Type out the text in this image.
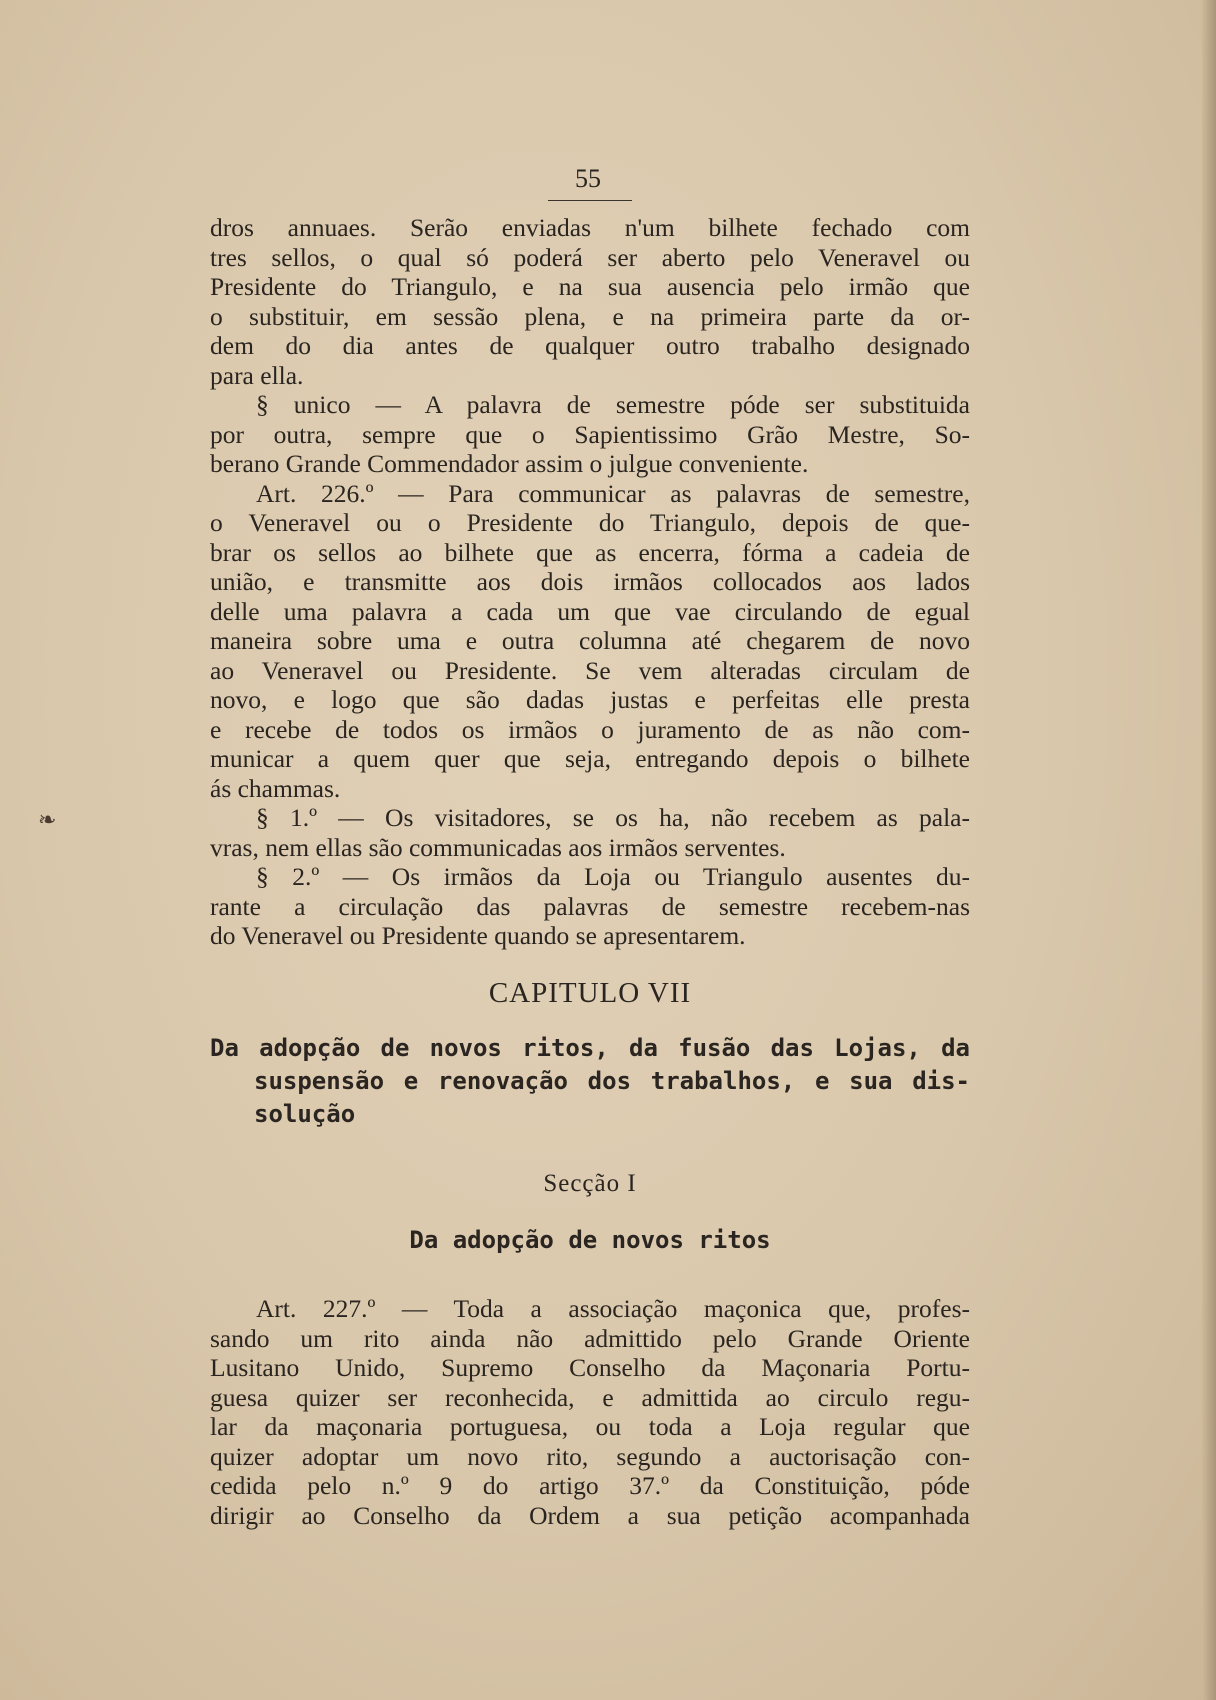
❧
55
dros annuaes. Serão enviadas n'um bilhete fechado com
tres sellos, o qual só poderá ser aberto pelo Veneravel ou
Presidente do Triangulo, e na sua ausencia pelo irmão que
o substituir, em sessão plena, e na primeira parte da or-
dem do dia antes de qualquer outro trabalho designado
para ella.
§ unico — A palavra de semestre póde ser substituida
por outra, sempre que o Sapientissimo Grão Mestre, So-
berano Grande Commendador assim o julgue conveniente.
Art. 226.º — Para communicar as palavras de semestre,
o Veneravel ou o Presidente do Triangulo, depois de que-
brar os sellos ao bilhete que as encerra, fórma a cadeia de
união, e transmitte aos dois irmãos collocados aos lados
delle uma palavra a cada um que vae circulando de egual
maneira sobre uma e outra columna até chegarem de novo
ao Veneravel ou Presidente. Se vem alteradas circulam de
novo, e logo que são dadas justas e perfeitas elle presta
e recebe de todos os irmãos o juramento de as não com-
municar a quem quer que seja, entregando depois o bilhete
ás chammas.
§ 1.º — Os visitadores, se os ha, não recebem as pala-
vras, nem ellas são communicadas aos irmãos serventes.
§ 2.º — Os irmãos da Loja ou Triangulo ausentes du-
rante a circulação das palavras de semestre recebem-nas
do Veneravel ou Presidente quando se apresentarem.
CAPITULO VII
Da adopção de novos ritos, da fusão das Lojas, da
suspensão e renovação dos trabalhos, e sua dis-
solução
Secção I
Da adopção de novos ritos
Art. 227.º — Toda a associação maçonica que, profes-
sando um rito ainda não admittido pelo Grande Oriente
Lusitano Unido, Supremo Conselho da Maçonaria Portu-
guesa quizer ser reconhecida, e admittida ao circulo regu-
lar da maçonaria portuguesa, ou toda a Loja regular que
quizer adoptar um novo rito, segundo a auctorisação con-
cedida pelo n.º 9 do artigo 37.º da Constituição, póde
dirigir ao Conselho da Ordem a sua petição acompanhada
